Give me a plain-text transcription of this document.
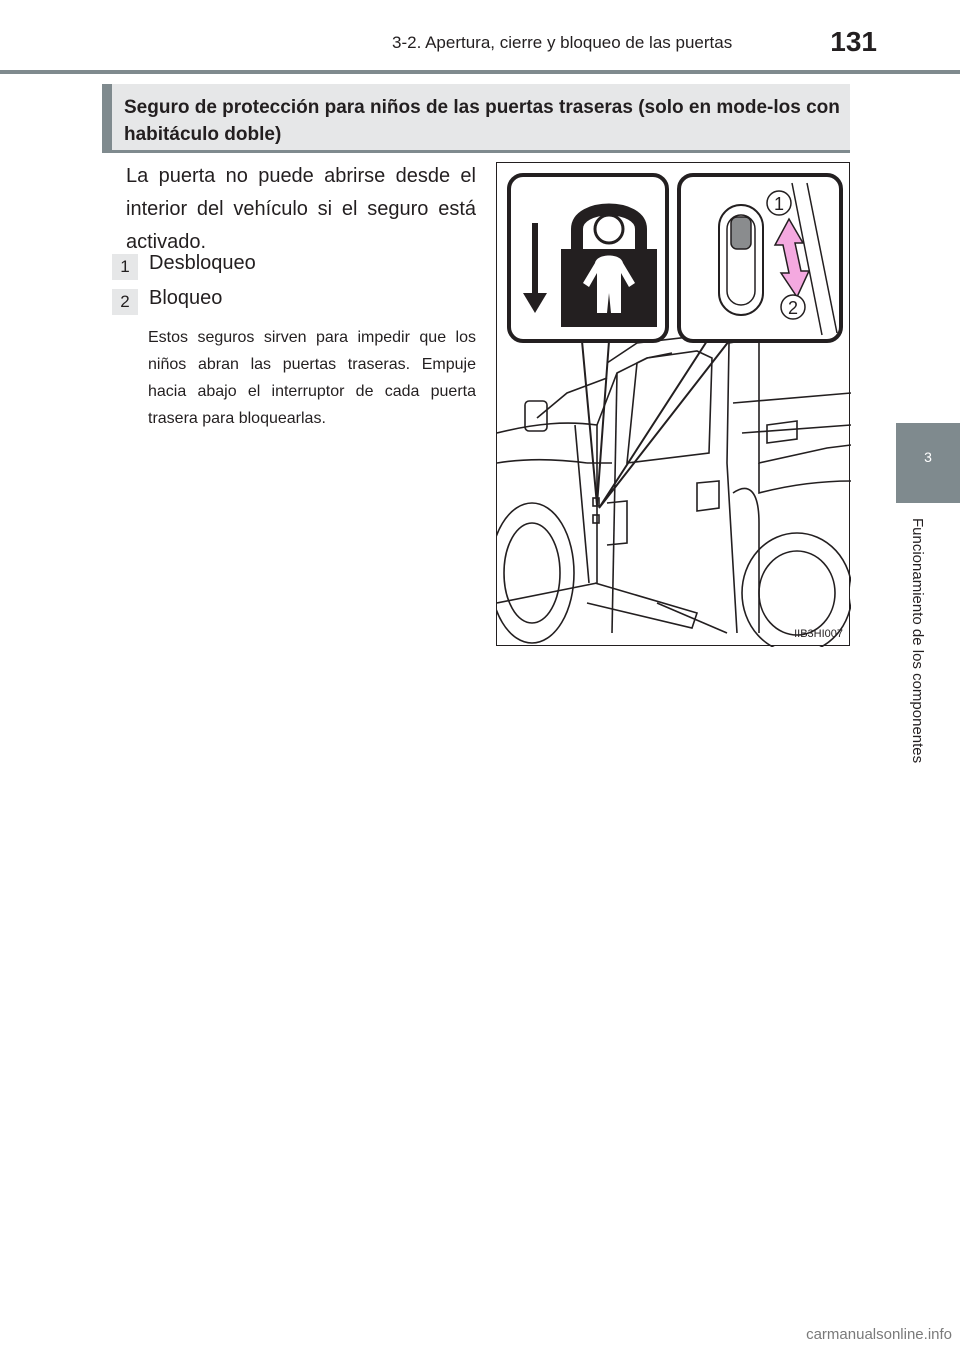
3-2. Apertura, cierre y bloqueo de las puertas	131
3
Funcionamiento de los componentes
Seguro de protección para niños de las puertas traseras (solo en mode-los con habitáculo doble)
La puerta no puede abrirse desde el interior del vehículo si el seguro está activado.
1 Desbloqueo
2 Bloqueo
Estos seguros sirven para impedir que los niños abran las puertas traseras. Empuje hacia abajo el interruptor de cada puerta trasera para bloquearlas.
1
2
IIB3HI007
carmanualsonline.info
